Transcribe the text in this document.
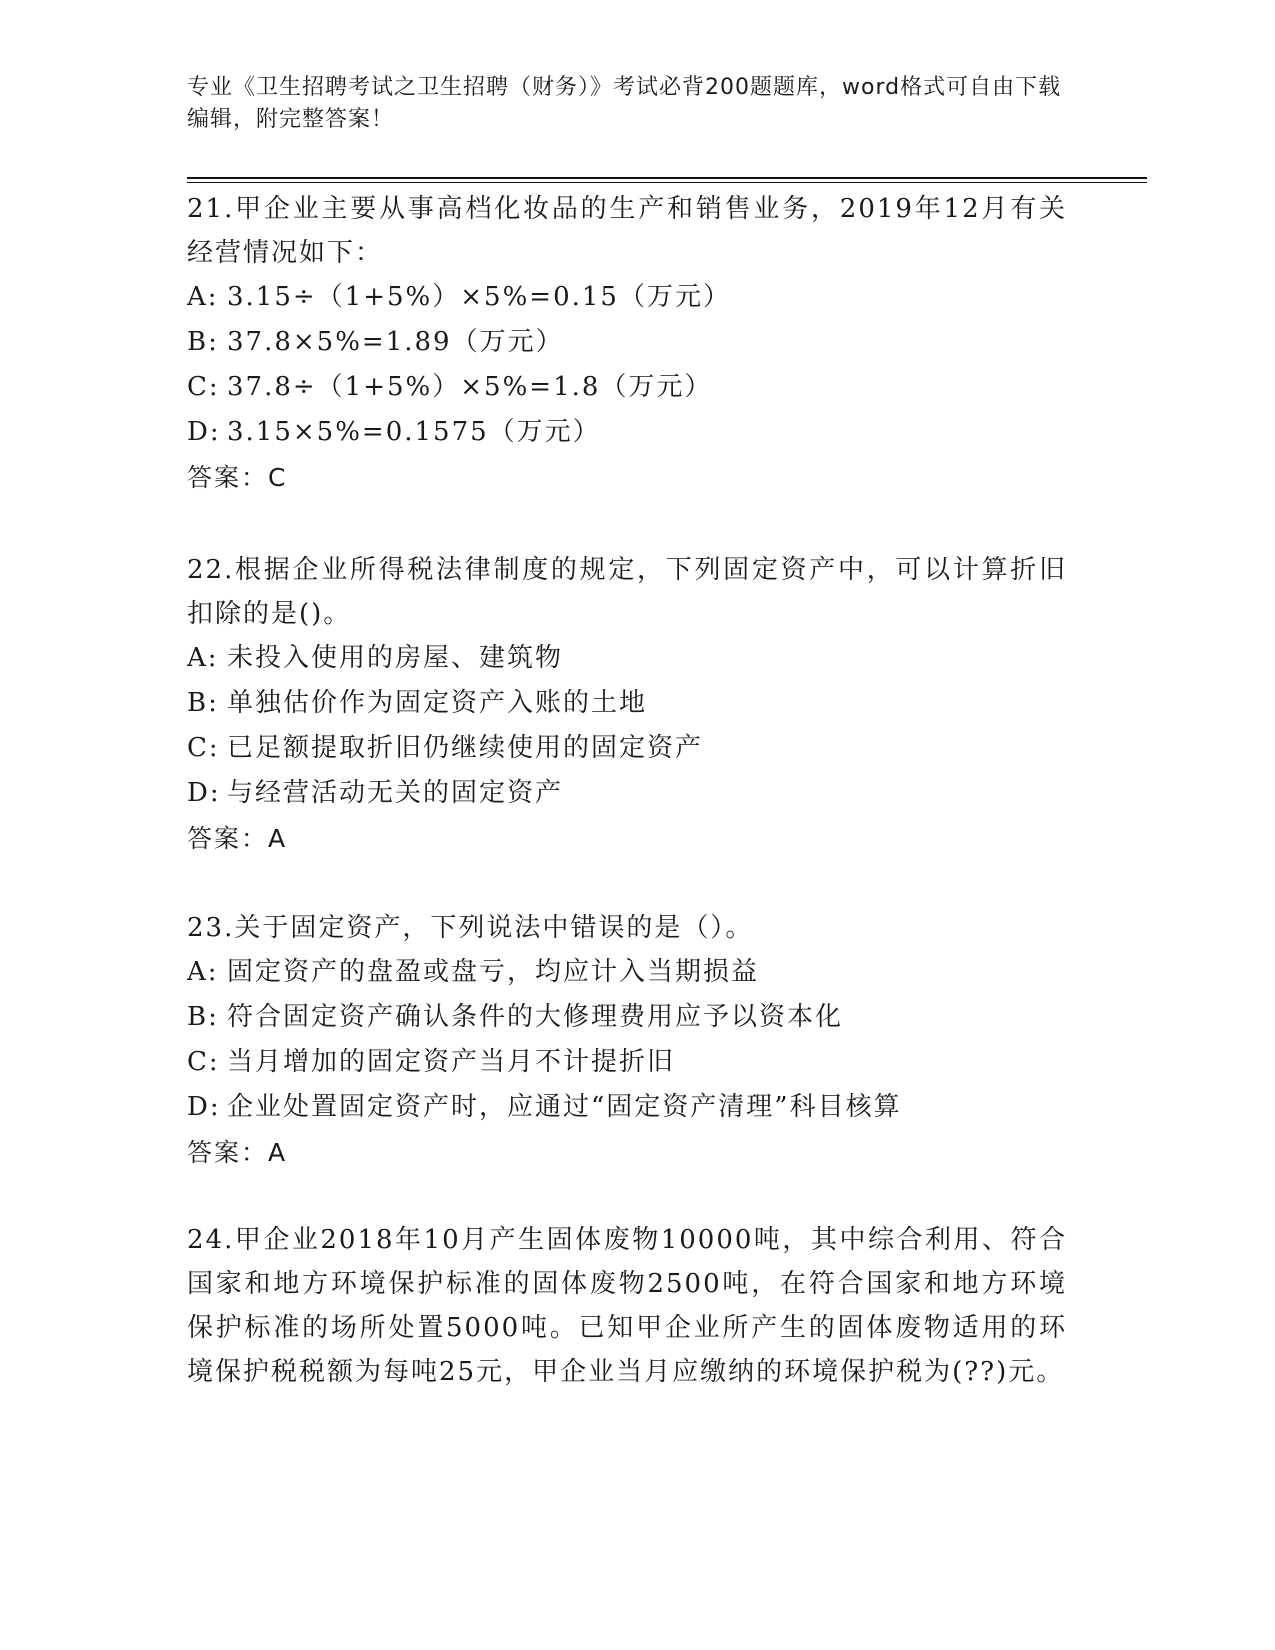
专业《卫生招聘考试之卫生招聘（财务）》考试必背200题题库，word格式可自由下载编辑，附完整答案！

21.甲企业主要从事高档化妆品的生产和销售业务，2019年12月有关经营情况如下：

A: 3.15÷（1+5%）×5%=0.15（万元）
B: 37.8×5%=1.89（万元）
C: 37.8÷（1+5%）×5%=1.8（万元）
D: 3.15×5%=0.1575（万元）
答案：C

22.根据企业所得税法律制度的规定，下列固定资产中，可以计算折旧扣除的是()。

A: 未投入使用的房屋、建筑物
B: 单独估价作为固定资产入账的土地
C: 已足额提取折旧仍继续使用的固定资产
D: 与经营活动无关的固定资产
答案：A

23.关于固定资产，下列说法中错误的是（）。

A: 固定资产的盘盈或盘亏，均应计入当期损益
B: 符合固定资产确认条件的大修理费用应予以资本化
C: 当月增加的固定资产当月不计提折旧
D: 企业处置固定资产时，应通过“固定资产清理”科目核算
答案：A

24.甲企业2018年10月产生固体废物10000吨，其中综合利用、符合国家和地方环境保护标准的固体废物2500吨，在符合国家和地方环境保护标准的场所处置5000吨。已知甲企业所产生的固体废物适用的环境保护税税额为每吨25元，甲企业当月应缴纳的环境保护税为(??)元。
